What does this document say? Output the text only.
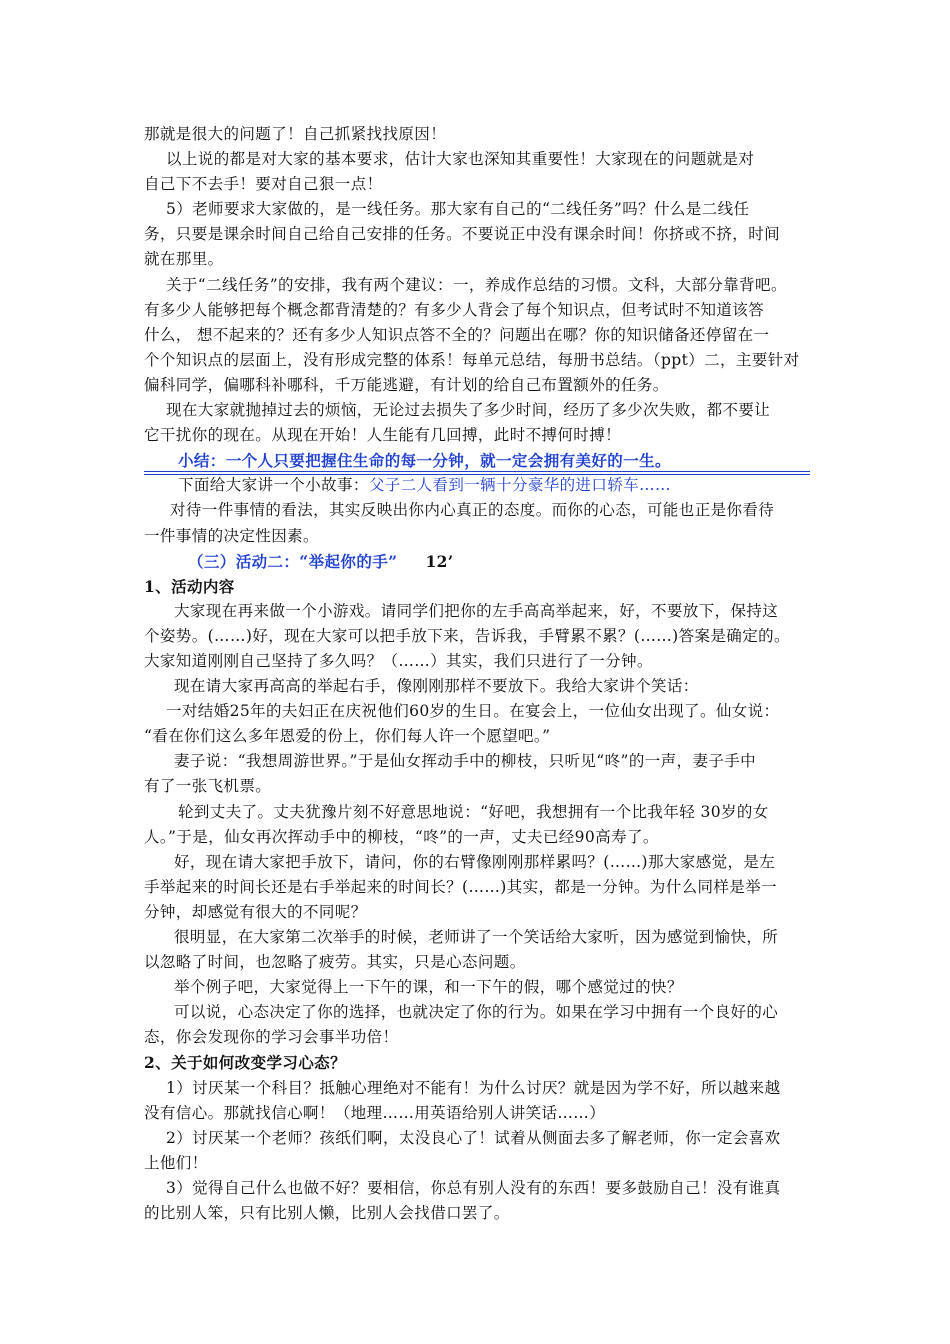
那就是很大的问题了！自己抓紧找找原因！
以上说的都是对大家的基本要求，估计大家也深知其重要性！大家现在的问题就是对
自己下不去手！要对自己狠一点！
5）老师要求大家做的，是一线任务。那大家有自己的“二线任务”吗？什么是二线任
务，只要是课余时间自己给自己安排的任务。不要说正中没有课余时间！你挤或不挤，时间
就在那里。
关于“二线任务”的安排，我有两个建议：一，养成作总结的习惯。文科，大部分靠背吧。
有多少人能够把每个概念都背清楚的？有多少人背会了每个知识点，但考试时不知道该答
什么， 想不起来的？还有多少人知识点答不全的？问题出在哪？你的知识储备还停留在一
个个知识点的层面上，没有形成完整的体系！每单元总结，每册书总结。（ppt）二，主要针对
偏科同学，偏哪科补哪科，千万能逃避，有计划的给自己布置额外的任务。
现在大家就抛掉过去的烦恼，无论过去损失了多少时间，经历了多少次失败，都不要让
它干扰你的现在。从现在开始！人生能有几回搏，此时不搏何时搏！
小结：一个人只要把握住生命的每一分钟，就一定会拥有美好的一生。
下面给大家讲一个小故事：父子二人看到一辆十分豪华的进口轿车……
对待一件事情的看法，其实反映出你内心真正的态度。而你的心态，可能也正是你看待
一件事情的决定性因素。
（三）活动二：“举起你的手” 12’
1、活动内容
大家现在再来做一个小游戏。请同学们把你的左手高高举起来，好，不要放下，保持这
个姿势。(……)好，现在大家可以把手放下来，告诉我，手臂累不累？(……)答案是确定的。
大家知道刚刚自己坚持了多久吗？（……）其实，我们只进行了一分钟。
现在请大家再高高的举起右手，像刚刚那样不要放下。我给大家讲个笑话：
一对结婚25年的夫妇正在庆祝他们60岁的生日。在宴会上，一位仙女出现了。仙女说：
“看在你们这么多年恩爱的份上，你们每人许一个愿望吧。”
妻子说：“我想周游世界。”于是仙女挥动手中的柳枝，只听见“咚”的一声，妻子手中
有了一张飞机票。
轮到丈夫了。丈夫犹豫片刻不好意思地说：“好吧，我想拥有一个比我年轻 30岁的女
人。”于是，仙女再次挥动手中的柳枝，“咚”的一声，丈夫已经90高寿了。
好，现在请大家把手放下，请问，你的右臂像刚刚那样累吗？(……)那大家感觉，是左
手举起来的时间长还是右手举起来的时间长？(……)其实，都是一分钟。为什么同样是举一
分钟，却感觉有很大的不同呢？
很明显，在大家第二次举手的时候，老师讲了一个笑话给大家听，因为感觉到愉快，所
以忽略了时间，也忽略了疲劳。其实，只是心态问题。
举个例子吧，大家觉得上一下午的课，和一下午的假，哪个感觉过的快？
可以说，心态决定了你的选择，也就决定了你的行为。如果在学习中拥有一个良好的心
态，你会发现你的学习会事半功倍！
2、关于如何改变学习心态？
1）讨厌某一个科目？抵触心理绝对不能有！为什么讨厌？就是因为学不好，所以越来越
没有信心。那就找信心啊！（地理……用英语给别人讲笑话……）
2）讨厌某一个老师？孩纸们啊，太没良心了！试着从侧面去多了解老师，你一定会喜欢
上他们！
3）觉得自己什么也做不好？要相信，你总有别人没有的东西！要多鼓励自己！没有谁真
的比别人笨，只有比别人懒，比别人会找借口罢了。
